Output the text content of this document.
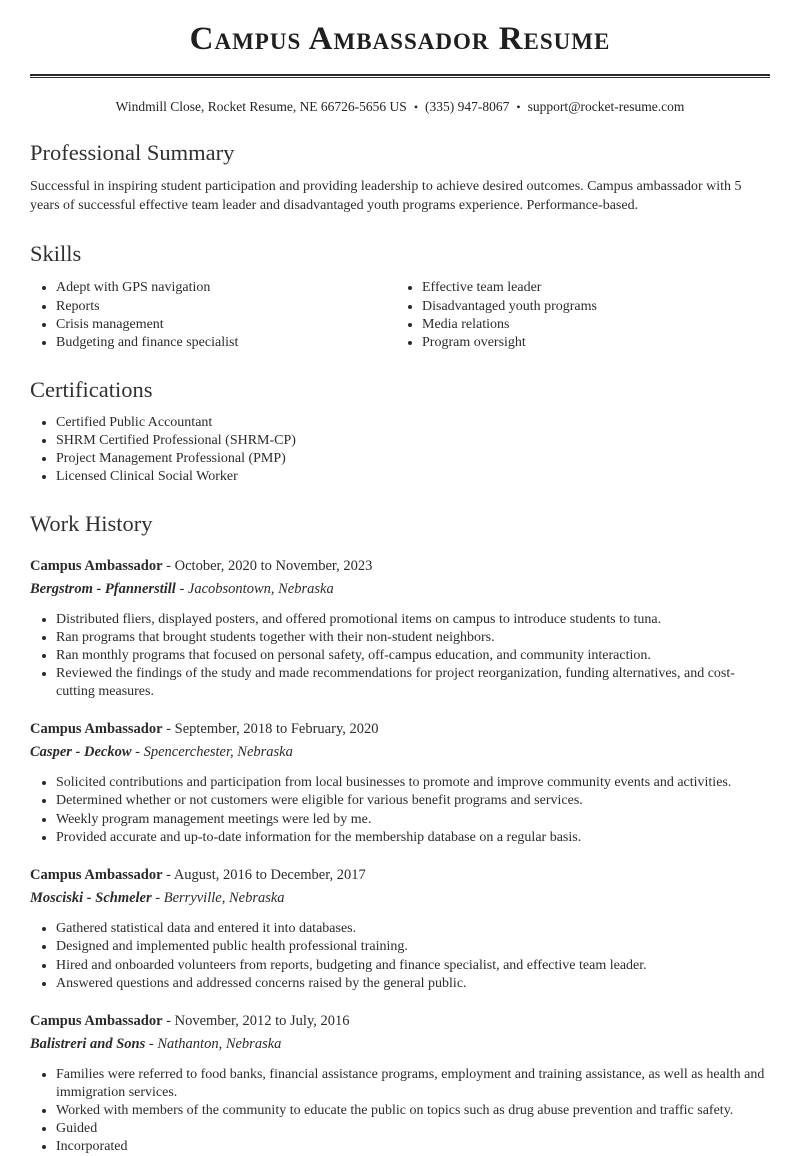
Campus Ambassador Resume
Windmill Close, Rocket Resume, NE 66726-5656 US • (335) 947-8067 • support@rocket-resume.com
Professional Summary

Successful in inspiring student participation and providing leadership to achieve desired outcomes. Campus ambassador with 5 years of successful effective team leader and disadvantaged youth programs experience. Performance-based.

Skills
• Adept with GPS navigation
• Reports
• Crisis management
• Budgeting and finance specialist
• Effective team leader
• Disadvantaged youth programs
• Media relations
• Program oversight
Certifications
• Certified Public Accountant
• SHRM Certified Professional (SHRM-CP)
• Project Management Professional (PMP)
• Licensed Clinical Social Worker
Work History

Campus Ambassador - October, 2020 to November, 2023

Bergstrom - Pfannerstill - Jacobsontown, Nebraska

• Distributed fliers, displayed posters, and offered promotional items on campus to introduce students to tuna.
• Ran programs that brought students together with their non-student neighbors.
• Ran monthly programs that focused on personal safety, off-campus education, and community interaction.
• Reviewed the findings of the study and made recommendations for project reorganization, funding alternatives, and cost-cutting measures.

Campus Ambassador - September, 2018 to February, 2020

Casper - Deckow - Spencerchester, Nebraska

• Solicited contributions and participation from local businesses to promote and improve community events and activities.
• Determined whether or not customers were eligible for various benefit programs and services.
• Weekly program management meetings were led by me.
• Provided accurate and up-to-date information for the membership database on a regular basis.

Campus Ambassador - August, 2016 to December, 2017

Mosciski - Schmeler - Berryville, Nebraska

• Gathered statistical data and entered it into databases.
• Designed and implemented public health professional training.
• Hired and onboarded volunteers from reports, budgeting and finance specialist, and effective team leader.
• Answered questions and addressed concerns raised by the general public.

Campus Ambassador - November, 2012 to July, 2016

Balistreri and Sons - Nathanton, Nebraska

• Families were referred to food banks, financial assistance programs, employment and training assistance, as well as health and immigration services.
• Worked with members of the community to educate the public on topics such as drug abuse prevention and traffic safety.
• Guided
• Incorporated
